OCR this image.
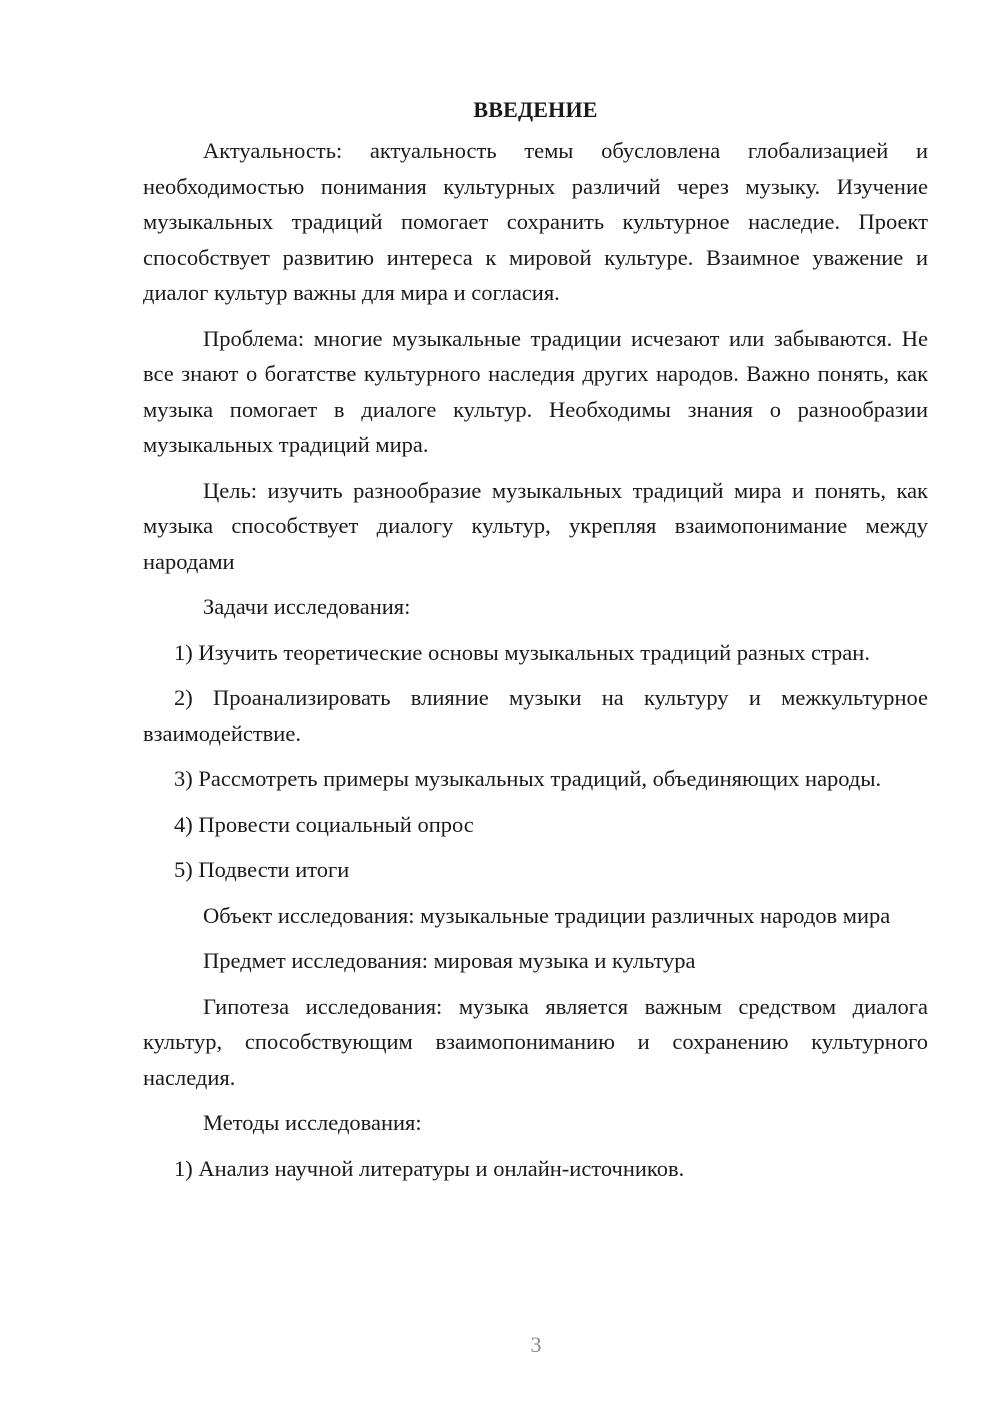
ВВЕДЕНИЕ

Актуальность: актуальность темы обусловлена глобализацией и необходимостью понимания культурных различий через музыку. Изучение музыкальных традиций помогает сохранить культурное наследие. Проект способствует развитию интереса к мировой культуре. Взаимное уважение и диалог культур важны для мира и согласия.

Проблема: многие музыкальные традиции исчезают или забываются. Не все знают о богатстве культурного наследия других народов. Важно понять, как музыка помогает в диалоге культур. Необходимы знания о разнообразии музыкальных традиций мира.

Цель: изучить разнообразие музыкальных традиций мира и понять, как музыка способствует диалогу культур, укрепляя взаимопонимание между народами

Задачи исследования:

1) Изучить теоретические основы музыкальных традиций разных стран.

2) Проанализировать влияние музыки на культуру и межкультурное взаимодействие.

3) Рассмотреть примеры музыкальных традиций, объединяющих народы.

4) Провести социальный опрос

5) Подвести итоги

Объект исследования: музыкальные традиции различных народов мира

Предмет исследования: мировая музыка и культура

Гипотеза исследования: музыка является важным средством диалога культур, способствующим взаимопониманию и сохранению культурного наследия.

Методы исследования:

1) Анализ научной литературы и онлайн-источников.

3
